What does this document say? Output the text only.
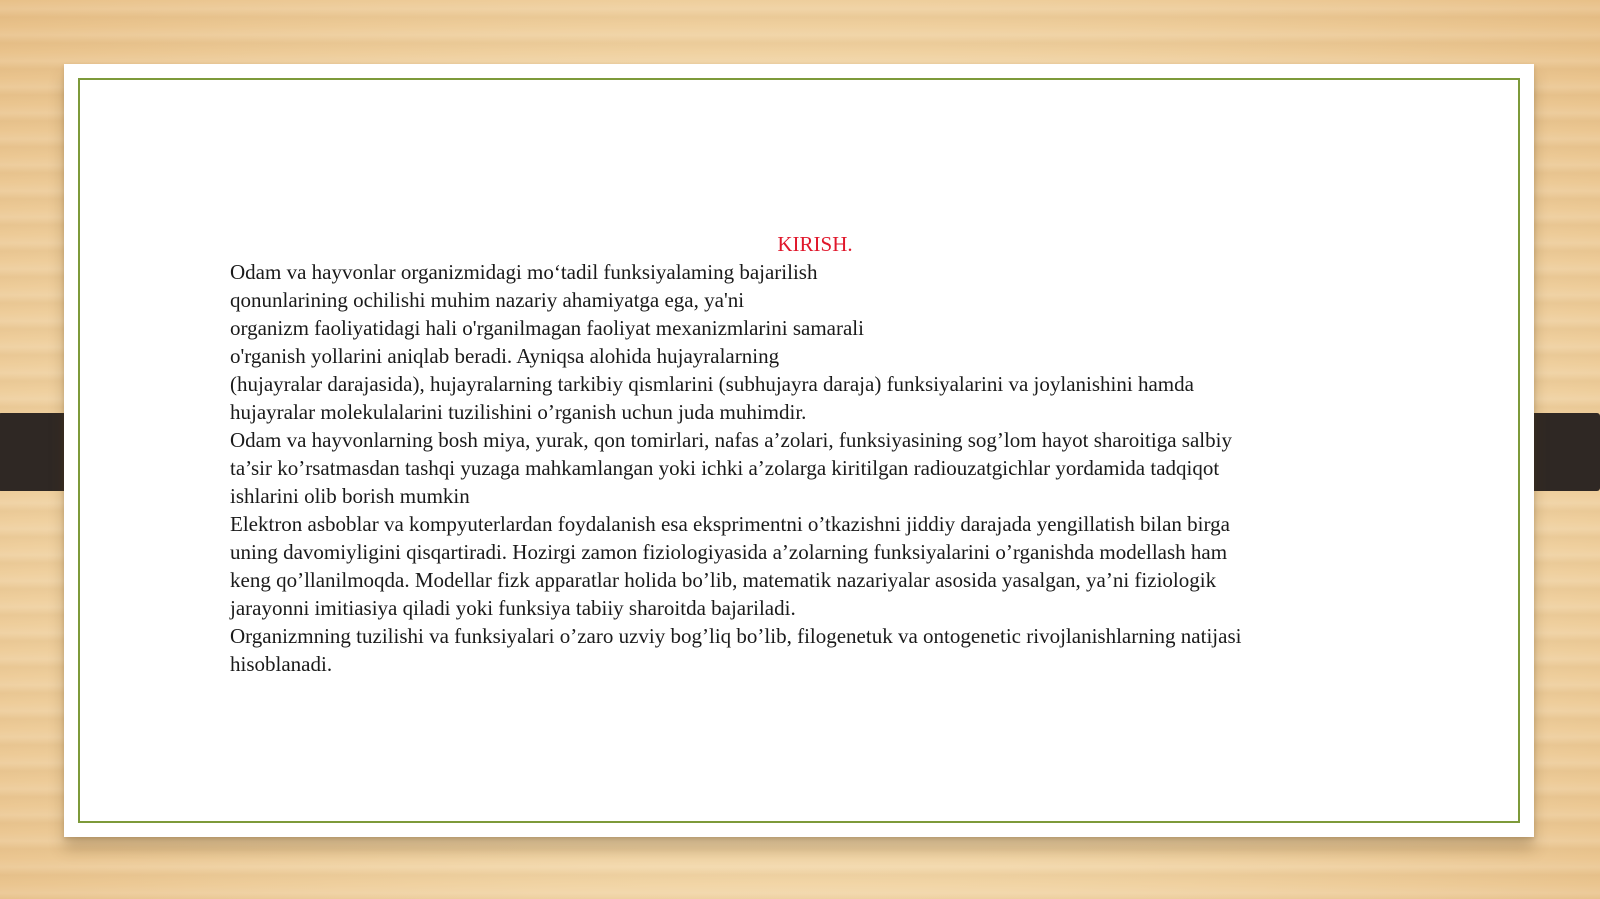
KIRISH.
Odam va hayvonlar organizmidagi mo‘tadil funksiyalaming bajarilish
qonunlarining ochilishi muhim nazariy ahamiyatga ega, ya'ni
organizm faoliyatidagi hali o'rganilmagan faoliyat mexanizmlarini samarali
o'rganish yollarini aniqlab beradi. Ayniqsa alohida hujayralarning
(hujayralar darajasida), hujayralarning tarkibiy qismlarini (subhujayra daraja) funksiyalarini va joylanishini hamda
hujayralar molekulalarini tuzilishini o’rganish uchun juda muhimdir.
Odam va hayvonlarning bosh miya, yurak, qon tomirlari, nafas a’zolari, funksiyasining sog’lom hayot sharoitiga salbiy
ta’sir ko’rsatmasdan tashqi yuzaga mahkamlangan yoki ichki a’zolarga kiritilgan radiouzatgichlar yordamida tadqiqot
ishlarini olib borish mumkin
Elektron asboblar va kompyuterlardan foydalanish esa eksprimentni o’tkazishni jiddiy darajada yengillatish bilan birga
uning davomiyligini qisqartiradi. Hozirgi zamon fiziologiyasida a’zolarning funksiyalarini o’rganishda modellash ham
keng qo’llanilmoqda. Modellar fizk apparatlar holida bo’lib, matematik nazariyalar asosida yasalgan, ya’ni fiziologik
jarayonni imitiasiya qiladi yoki funksiya tabiiy sharoitda bajariladi.
Organizmning tuzilishi va funksiyalari o’zaro uzviy bog’liq bo’lib, filogenetuk va ontogenetic rivojlanishlarning natijasi
hisoblanadi.
